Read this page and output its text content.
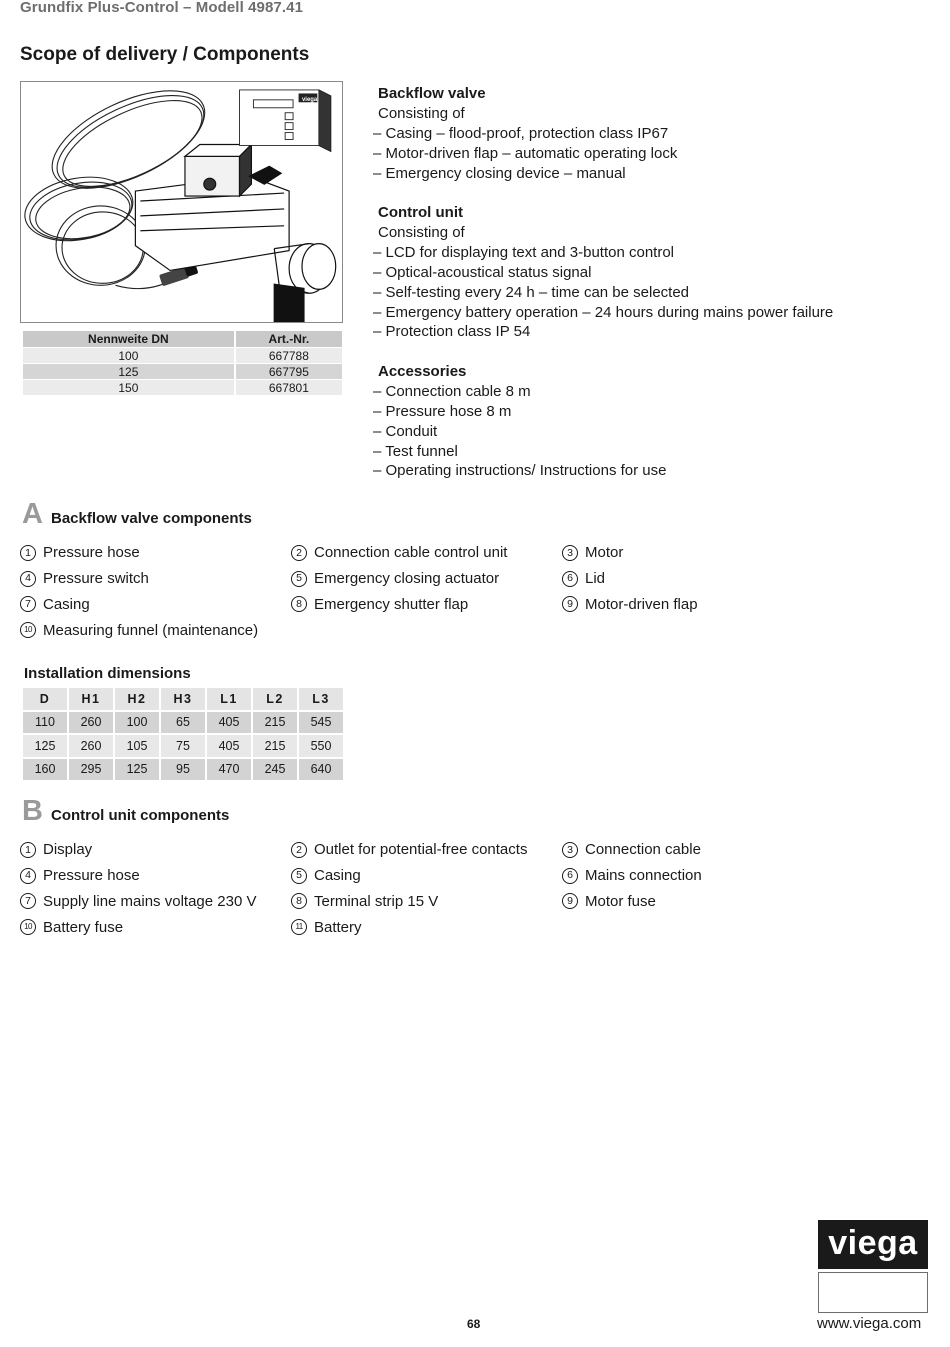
Grundfix Plus-Control – Modell 4987.41
Scope of delivery / Components
viega
Nennweite DN	Art.-Nr.
100	667788
125	667795
150	667801
Backflow valve
Consisting of
– Casing – flood-proof, protection class IP67
– Motor-driven flap – automatic operating lock
– Emergency closing device – manual
Control unit
Consisting of
– LCD for displaying text and 3-button control
– Optical-acoustical status signal
– Self-testing every 24 h – time can be selected
– Emergency battery operation – 24 hours during mains power failure
– Protection class IP 54
Accessories
– Connection cable 8 m
– Pressure hose 8 m
– Conduit
– Test funnel
– Operating instructions/ Instructions for use
A Backflow valve components
1 Pressure hose	2 Connection cable control unit	3 Motor
4 Pressure switch	5 Emergency closing actuator	6 Lid
7 Casing	8 Emergency shutter flap	9 Motor-driven flap
10 Measuring funnel (maintenance)
Installation dimensions
D	H1	H2	H3	L1	L2	L3
110	260	100	65	405	215	545
125	260	105	75	405	215	550
160	295	125	95	470	245	640
B Control unit components
1 Display	2 Outlet for potential-free contacts	3 Connection cable
4 Pressure hose	5 Casing	6 Mains connection
7 Supply line mains voltage 230 V	8 Terminal strip 15 V	9 Motor fuse
10 Battery fuse	11 Battery
68
viega
www.viega.com
